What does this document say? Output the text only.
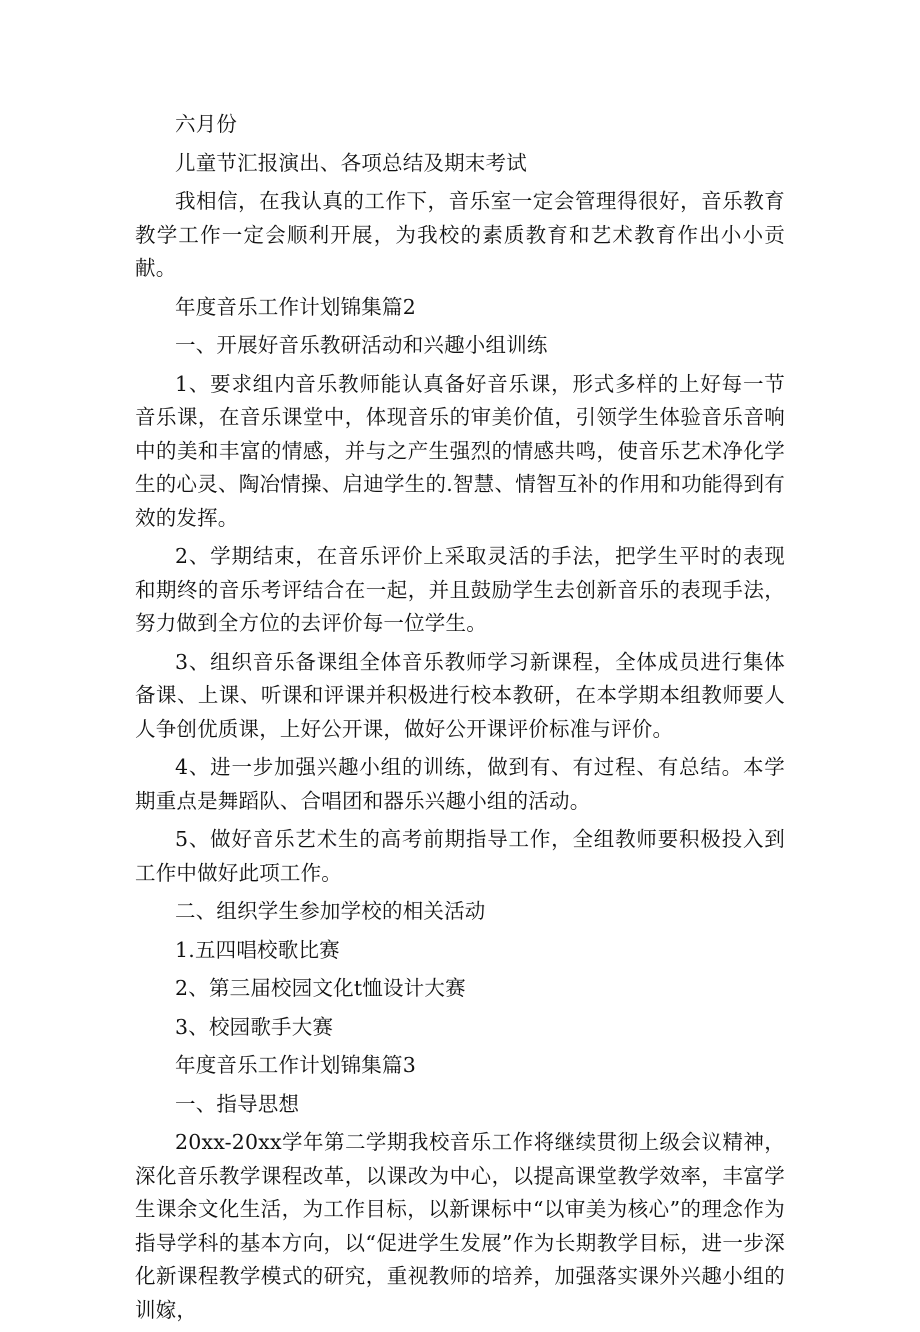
六月份

儿童节汇报演出、各项总结及期末考试

我相信，在我认真的工作下，音乐室一定会管理得很好，音乐教育教学工作一定会顺利开展，为我校的素质教育和艺术教育作出小小贡献。

年度音乐工作计划锦集篇2

一、开展好音乐教研活动和兴趣小组训练

1、要求组内音乐教师能认真备好音乐课，形式多样的上好每一节音乐课，在音乐课堂中，体现音乐的审美价值，引领学生体验音乐音响中的美和丰富的情感，并与之产生强烈的情感共鸣，使音乐艺术净化学生的心灵、陶冶情操、启迪学生的.智慧、情智互补的作用和功能得到有效的发挥。

2、学期结束，在音乐评价上采取灵活的手法，把学生平时的表现和期终的音乐考评结合在一起，并且鼓励学生去创新音乐的表现手法，努力做到全方位的去评价每一位学生。

3、组织音乐备课组全体音乐教师学习新课程，全体成员进行集体备课、上课、听课和评课并积极进行校本教研，在本学期本组教师要人人争创优质课，上好公开课，做好公开课评价标准与评价。

4、进一步加强兴趣小组的训练，做到有、有过程、有总结。本学期重点是舞蹈队、合唱团和器乐兴趣小组的活动。

5、做好音乐艺术生的高考前期指导工作，全组教师要积极投入到工作中做好此项工作。

二、组织学生参加学校的相关活动

1.五四唱校歌比赛

2、第三届校园文化t恤设计大赛

3、校园歌手大赛

年度音乐工作计划锦集篇3

一、指导思想

20xx-20xx学年第二学期我校音乐工作将继续贯彻上级会议精神，深化音乐教学课程改革，以课改为中心，以提高课堂教学效率，丰富学生课余文化生活，为工作目标，以新课标中“以审美为核心”的理念作为指导学科的基本方向，以“促进学生发展”作为长期教学目标，进一步深化新课程教学模式的研究，重视教师的培养，加强落实课外兴趣小组的训嫁，
